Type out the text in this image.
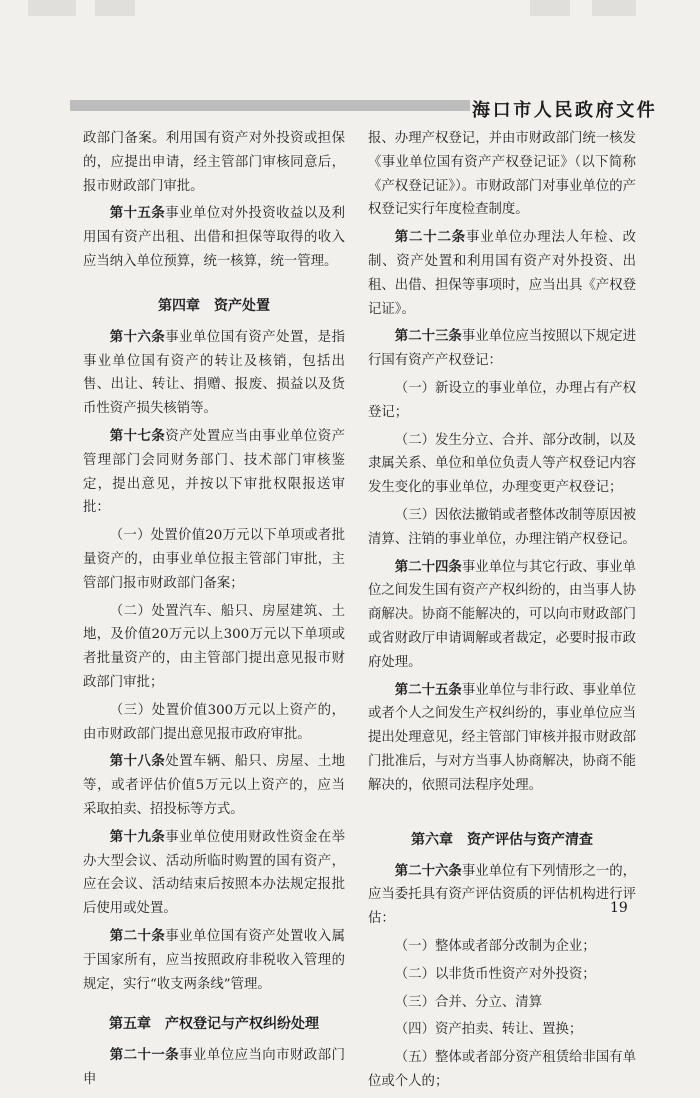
海口市人民政府文件

政部门备案。利用国有资产对外投资或担保的，应提出申请，经主管部门审核同意后，报市财政部门审批。

第十五条事业单位对外投资收益以及利用国有资产出租、出借和担保等取得的收入应当纳入单位预算，统一核算，统一管理。

第四章　资产处置

第十六条事业单位国有资产处置，是指事业单位国有资产的转让及核销，包括出售、出让、转让、捐赠、报废、损益以及货币性资产损失核销等。

第十七条资产处置应当由事业单位资产管理部门会同财务部门、技术部门审核鉴定，提出意见，并按以下审批权限报送审批：

（一）处置价值20万元以下单项或者批量资产的，由事业单位报主管部门审批，主管部门报市财政部门备案；

（二）处置汽车、船只、房屋建筑、土地，及价值20万元以上300万元以下单项或者批量资产的，由主管部门提出意见报市财政部门审批；

（三）处置价值300万元以上资产的，由市财政部门提出意见报市政府审批。

第十八条处置车辆、船只、房屋、土地等，或者评估价值5万元以上资产的，应当采取拍卖、招投标等方式。

第十九条事业单位使用财政性资金在举办大型会议、活动所临时购置的国有资产，应在会议、活动结束后按照本办法规定报批后使用或处置。

第二十条事业单位国有资产处置收入属于国家所有，应当按照政府非税收入管理的规定，实行“收支两条线”管理。

第五章　产权登记与产权纠纷处理

第二十一条事业单位应当向市财政部门申

报、办理产权登记，并由市财政部门统一核发《事业单位国有资产产权登记证》（以下简称《产权登记证》）。市财政部门对事业单位的产权登记实行年度检查制度。

第二十二条事业单位办理法人年检、改制、资产处置和利用国有资产对外投资、出租、出借、担保等事项时，应当出具《产权登记证》。

第二十三条事业单位应当按照以下规定进行国有资产产权登记：

（一）新设立的事业单位，办理占有产权登记；

（二）发生分立、合并、部分改制，以及隶属关系、单位和单位负责人等产权登记内容发生变化的事业单位，办理变更产权登记；

（三）因依法撤销或者整体改制等原因被清算、注销的事业单位，办理注销产权登记。

第二十四条事业单位与其它行政、事业单位之间发生国有资产产权纠纷的，由当事人协商解决。协商不能解决的，可以向市财政部门或省财政厅申请调解或者裁定，必要时报市政府处理。

第二十五条事业单位与非行政、事业单位或者个人之间发生产权纠纷的，事业单位应当提出处理意见，经主管部门审核并报市财政部门批准后，与对方当事人协商解决，协商不能解决的，依照司法程序处理。

第六章　资产评估与资产清查

第二十六条事业单位有下列情形之一的，应当委托具有资产评估资质的评估机构进行评估：

（一）整体或者部分改制为企业；

（二）以非货币性资产对外投资；

（三）合并、分立、清算

（四）资产拍卖、转让、置换；

（五）整体或者部分资产租赁给非国有单位或个人的；

19
